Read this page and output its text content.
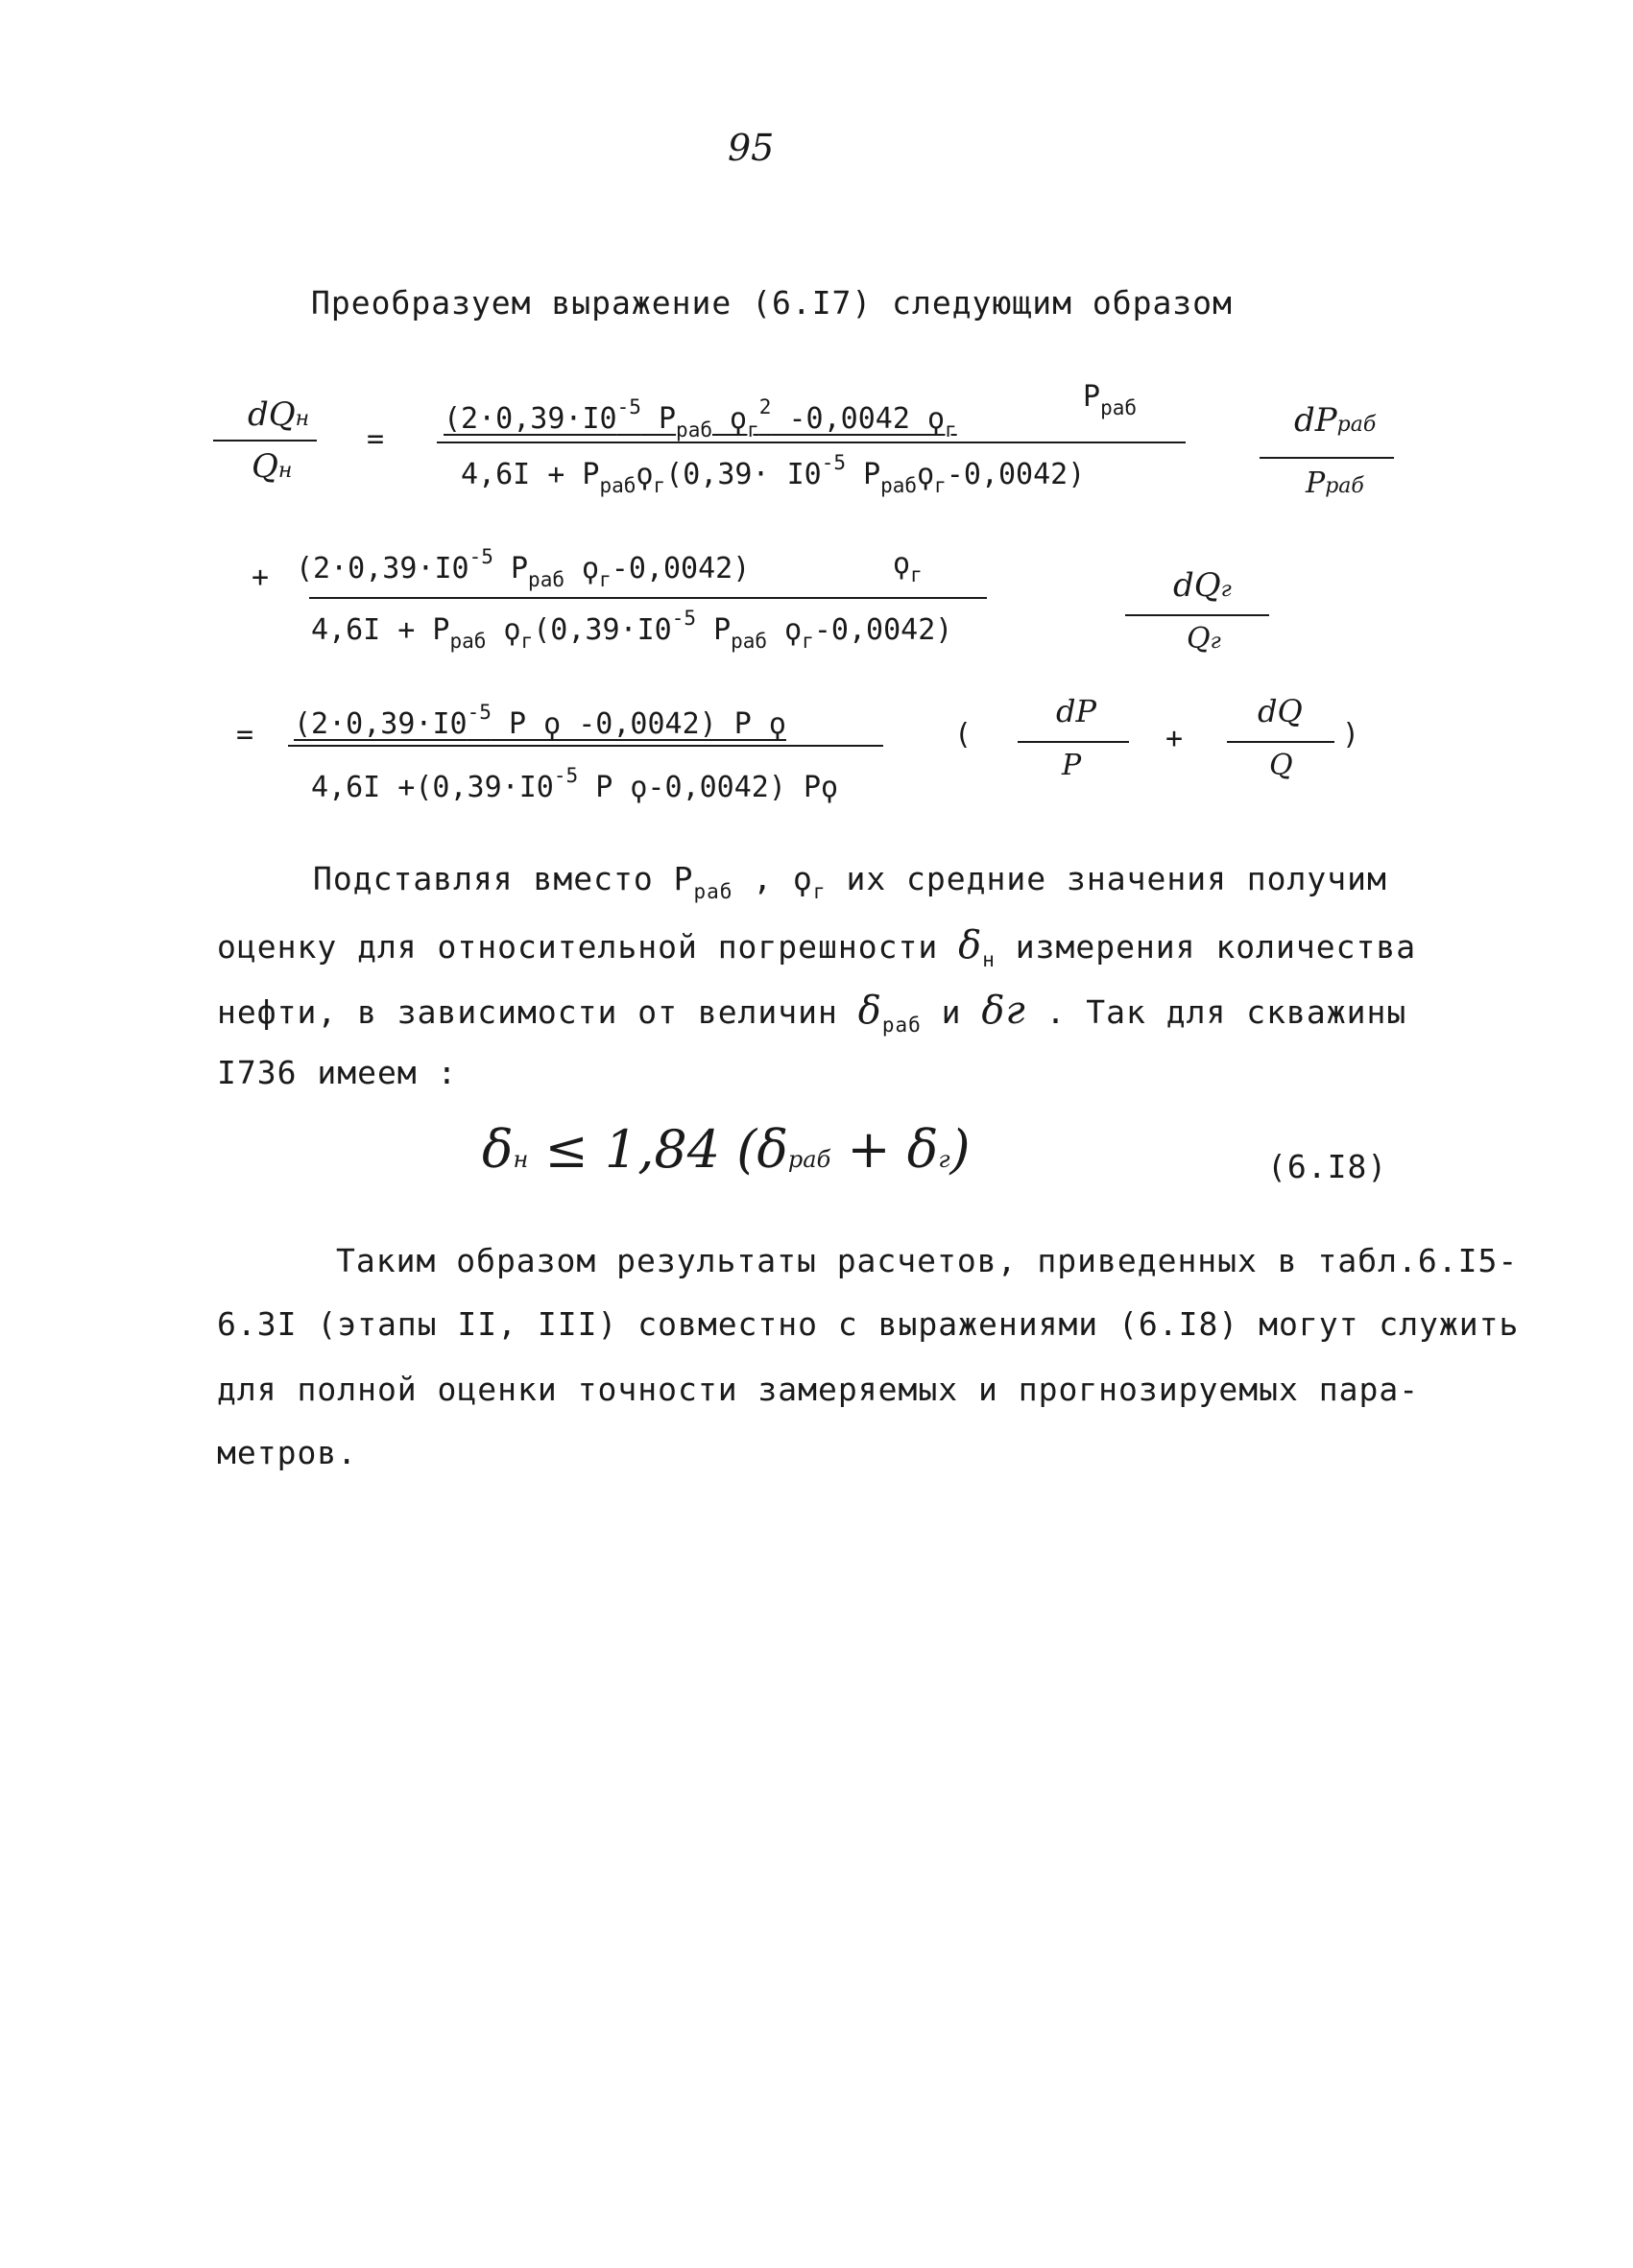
95
Преобразуем выражение (6.I7) следующим образом
dQн
Qн
=
($2\cdot 0,39\cdot I0^{-5}$ $P_{раб}$ $ϙ_г^2$ -0,0042 $ϙ_г$
$P_{раб}$
$4,6I + P_{раб}ϙ_г(0,39\cdot I0^{-5}$ $P_{раб}ϙ_г-0,0042$)
dPраб
Pраб
+ ($2\cdot 0,39\cdot I0^{-5}$ $P_{раб}$ $ϙ_г-0,0042$)	$ϙ_г$
$4,6I + P_{раб}$ $ϙ_г(0,39\cdot I0^{-5}$ $P_{раб}$ $ϙ_г-0,0042$)
dQг
Qг
= ($2\cdot 0,39\cdot I0^{-5}$ P ϙ -0,0042) P ϙ
$4,6I +(0,39\cdot I0^{-5}$ P ϙ-0,0042) Pϙ
(
dP
P
+
dQ
Q
)
Подставляя вместо $P_{раб}$ , $ϙ_г$ их средние значения получим
оценку для относительной погрешности $\delta_н$ измерения количества
нефти, в зависимости от величин $\delta_{раб}$ и δг . Так для скважины
I736 имеем :
δн ≤ 1,84 (δраб + δг)	(6.I8)
Таким образом результаты расчетов, приведенных в табл.6.I5-
6.3I (этапы II, III) совместно с выражениями (6.I8) могут служить
для полной оценки точности замеряемых и прогнозируемых пара-
метров.
